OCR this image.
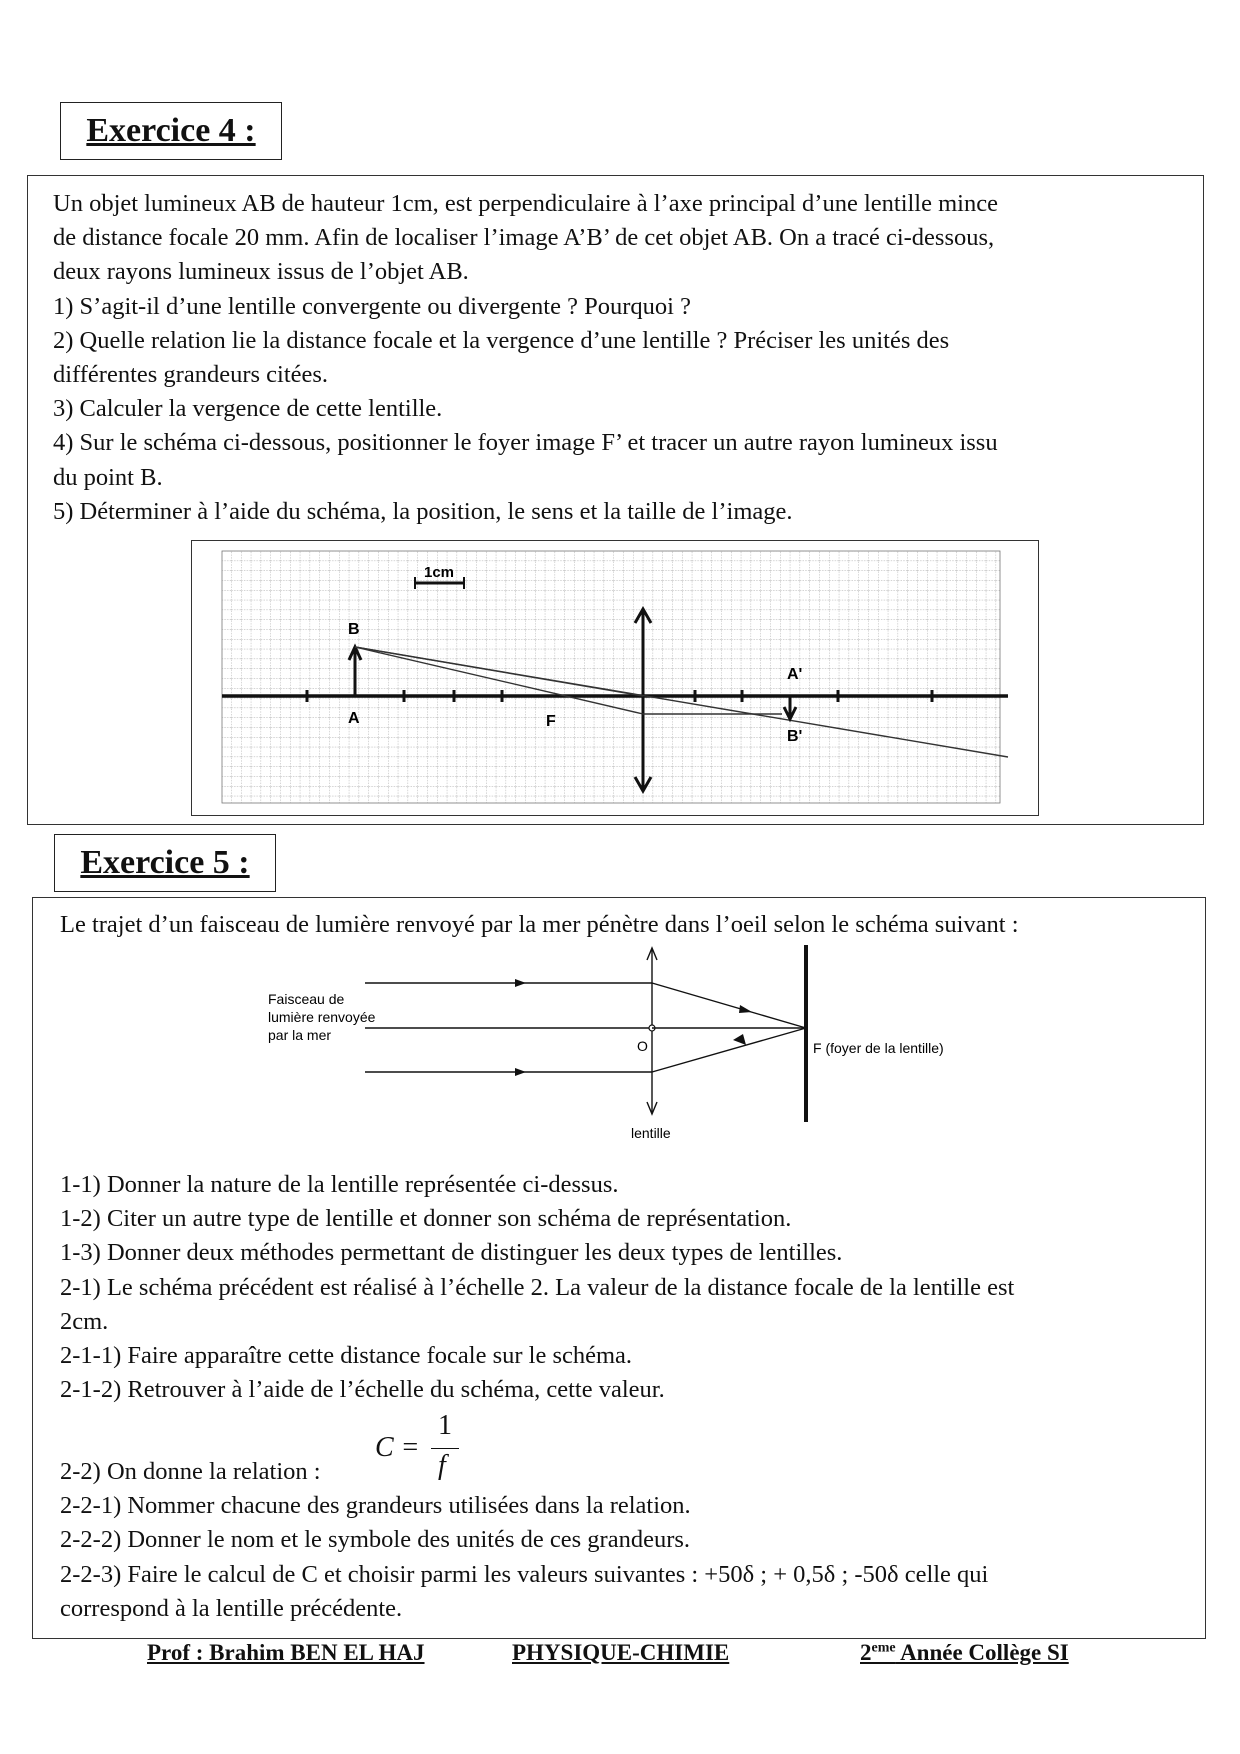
Exercice 4 :
Un objet lumineux AB de hauteur 1cm, est perpendiculaire à l’axe principal d’une lentille mince
de distance focale 20 mm. Afin de localiser l’image A’B’ de cet objet AB. On a tracé ci-dessous,
deux rayons lumineux issus de l’objet AB.
1) S’agit-il d’une lentille convergente ou divergente ? Pourquoi ?
2) Quelle relation lie la distance focale et la vergence d’une lentille ? Préciser les unités des
différentes grandeurs citées.
3) Calculer la vergence de cette lentille.
4) Sur le schéma ci-dessous, positionner le foyer image F’ et tracer un autre rayon lumineux issu
du point B.
5) Déterminer à l’aide du schéma, la position, le sens et la taille de l’image.
1cm
B
A	F
A'
B'
Exercice 5 :
Le trajet d’un faisceau de lumière renvoyé par la mer pénètre dans l’oeil selon le schéma suivant :
Faisceau de
lumière renvoyée
par la mer
O
lentille
F (foyer de la lentille)
1-1) Donner la nature de la lentille représentée ci-dessus.
1-2) Citer un autre type de lentille et donner son schéma de représentation.
1-3) Donner deux méthodes permettant de distinguer les deux types de lentilles.
2-1) Le schéma précédent est réalisé à l’échelle 2. La valeur de la distance focale de la lentille est
2cm.
2-1-1) Faire apparaître cette distance focale sur le schéma.
2-1-2) Retrouver à l’aide de l’échelle du schéma, cette valeur.
C =
1
f
2-2) On donne la relation :
2-2-1) Nommer chacune des grandeurs utilisées dans la relation.
2-2-2) Donner le nom et le symbole des unités de ces grandeurs.
2-2-3) Faire le calcul de C et choisir parmi les valeurs suivantes : +50δ ; + 0,5δ ; -50δ celle qui
correspond à la lentille précédente.
Prof : Brahim BEN EL HAJ	PHYSIQUE-CHIMIE	2eme Année Collège SI
